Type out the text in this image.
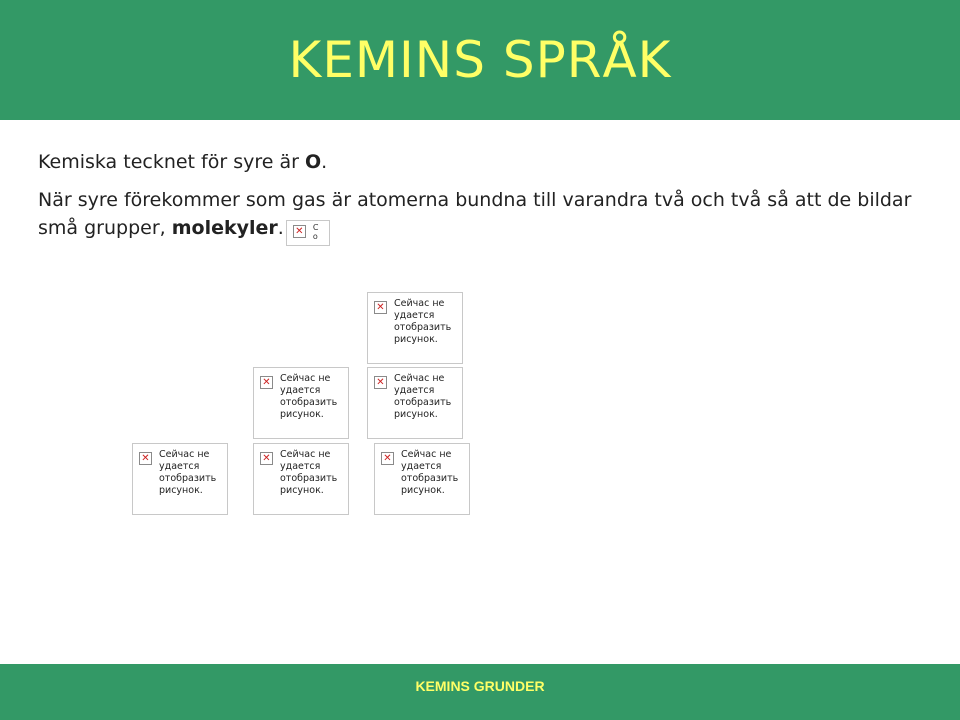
KEMINS SPRÅK

Kemiska tecknet för syre är O.

När syre förekommer som gas är atomerna bundna till varandra två och två så att de bildar små grupper, molekyler. ✕ С
о

✕ Сейчас не удается отобразить рисунок.
✕ Сейчас не удается отобразить рисунок.
✕ Сейчас не удается отобразить рисунок.
✕ Сейчас не удается отобразить рисунок.
✕ Сейчас не удается отобразить рисунок.
✕ Сейчас не удается отобразить рисунок.
KEMINS GRUNDER
